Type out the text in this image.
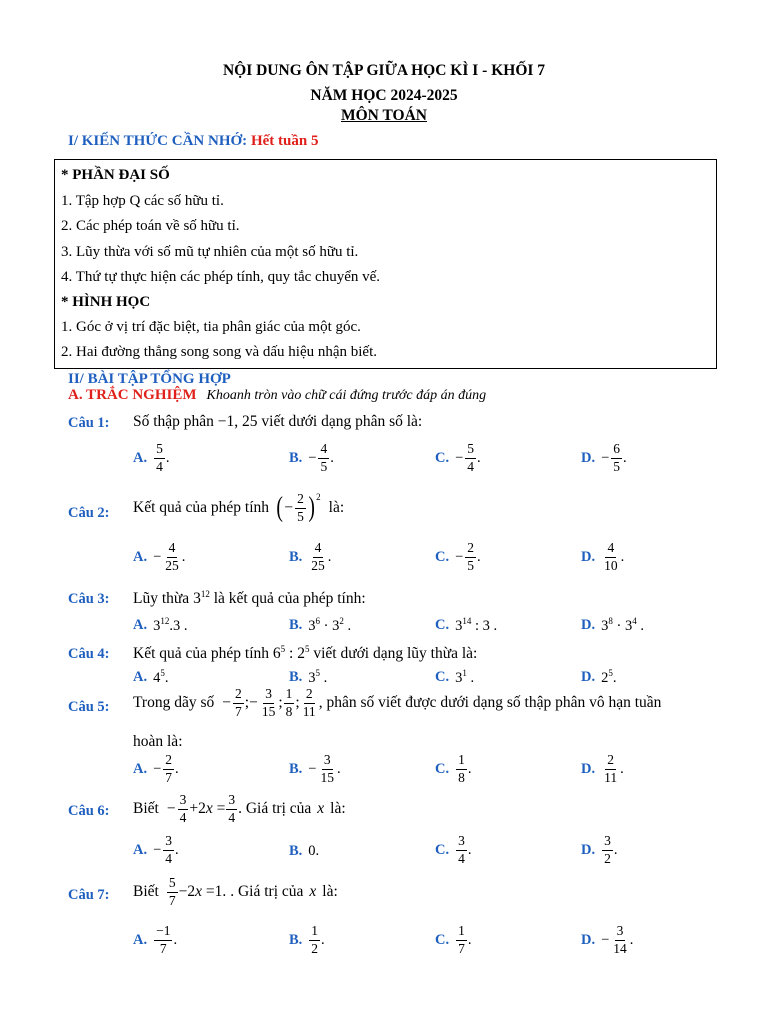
NỘI DUNG ÔN TẬP GIỮA HỌC KÌ I - KHỐI 7
NĂM HỌC 2024-2025
MÔN TOÁN
I/ KIẾN THỨC CẦN NHỚ: Hết tuần 5
* PHẦN ĐẠI SỐ
1. Tập hợp Q các số hữu tỉ.
2. Các phép toán về số hữu tỉ.
3. Lũy thừa với số mũ tự nhiên của một số hữu tỉ.
4. Thứ tự thực hiện các phép tính, quy tắc chuyển vế.
* HÌNH HỌC
1. Góc ở vị trí đặc biệt, tia phân giác của một góc.
2. Hai đường thẳng song song và dấu hiệu nhận biết.
II/ BÀI TẬP TỔNG HỢP
A. TRẮC NGHIỆM Khoanh tròn vào chữ cái đứng trước đáp án đúng
Câu 1: Số thập phân −1, 25 viết dưới dạng phân số là:
A.
5
4
.	B. − $\frac{4}{5}$ .	C. − $\frac{5}{4}$ .	D. − $\frac{6}{5}$ .
Câu 2: Kết quả của phép tính ( − $\frac{2}{5} )^2$
là:
A. − $\frac{4}{25}$ .	B.
4
25
.	C. − $\frac{2}{5}$ .	D.
4
10
.
Câu 3: Lũy thừa $3^{12}$ là kết quả của phép tính:
A. $3^{12}.3$ .	B. $3^6 \cdot 3^2$ .	C. $3^{14}$ : 3 .	D. $3^8 \cdot 3^4$ .
Câu 4: Kết quả của phép tính $6^5$ : $2^5$ viết dưới dạng lũy thừa là:
A. $4^5$.	B. $3^5$ .	C. $3^1$ .	D. $2^5$.
Câu 5: Trong dãy số − $\frac{2}{7}$ ; − $\frac{3}{15}$ ;
1
8 ;
2
11 , phân số viết được dưới dạng số thập phân vô hạn tuần
hoàn là:
A. − $\frac{2}{7}$ .	B. − $\frac{3}{15}$ .	C.
1
8
.	D.
2
11
.
Câu 6: Biết − $\frac{3}{4} +2x = \frac{3}{4}$ . Giá trị của x là:
A. − $\frac{3}{4}$ .	B. 0.	C.
3
4
.	D.
3
2
.
Câu 7: Biết
5
7 −2x =1. . Giá trị của x là:
A.
−1
7
.	B.
1
2
.	C.
1
7
.	D. − $\frac{3}{14}$ .
